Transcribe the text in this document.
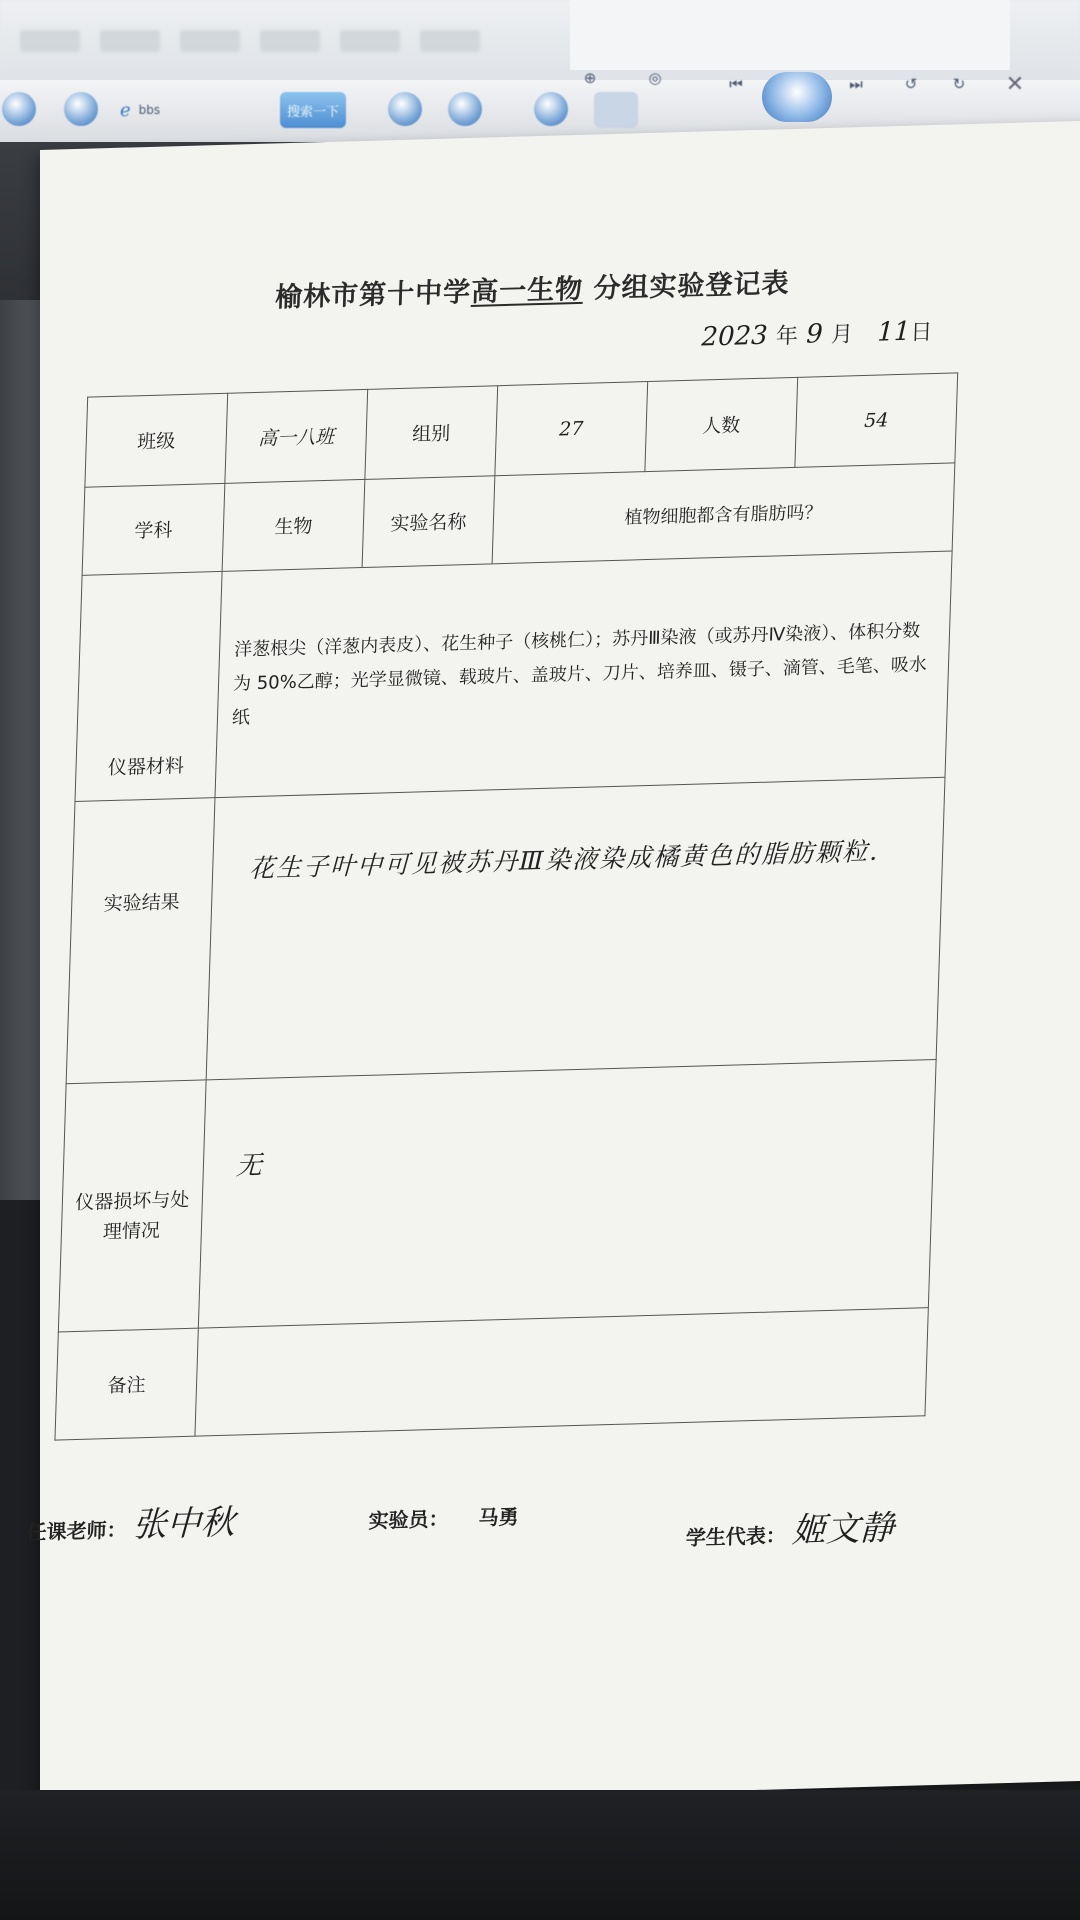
ℯ bbs	搜索一下
⊕	◎	⏮	⏭	↺	↻	✕
榆林市第十中学高一生物 分组实验登记表
2023 年 9 月 11日
班级	高一八班	组别	27	人数	54
学科	生物	实验名称	植物细胞都含有脂肪吗？		
仪器材料	洋葱根尖（洋葱内表皮）、花生种子（核桃仁）；苏丹Ⅲ染液（或苏丹Ⅳ染液）、体积分数为 50%乙醇；光学显微镜、载玻片、盖玻片、刀片、培养皿、镊子、滴管、毛笔、吸水纸				
实验结果	花生子叶中可见被苏丹Ⅲ染液染成橘黄色的脂肪颗粒.				
仪器损坏与处
理情况	无				
备注					
任课老师： 张中秋	实验员： 马勇
学生代表： 姬文静
